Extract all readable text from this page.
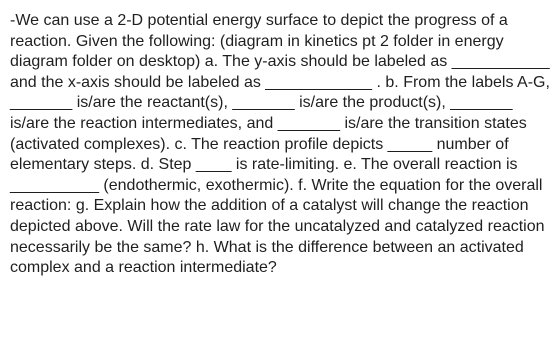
-We can use a 2-D potential energy surface to depict the progress of a reaction. Given the following: (diagram in kinetics pt 2 folder in energy diagram folder on desktop) a. The y-axis should be labeled as ___________ and the x-axis should be labeled as ____________ . b. From the labels A-G, _______ is/are the reactant(s), _______ is/are the product(s), _______ is/are the reaction intermediates, and _______ is/are the transition states (activated complexes). c. The reaction profile depicts _____ number of elementary steps. d. Step ____ is rate-limiting. e. The overall reaction is __________ (endothermic, exothermic). f. Write the equation for the overall reaction: g. Explain how the addition of a catalyst will change the reaction depicted above. Will the rate law for the uncatalyzed and catalyzed reaction necessarily be the same? h. What is the difference between an activated complex and a reaction intermediate?
